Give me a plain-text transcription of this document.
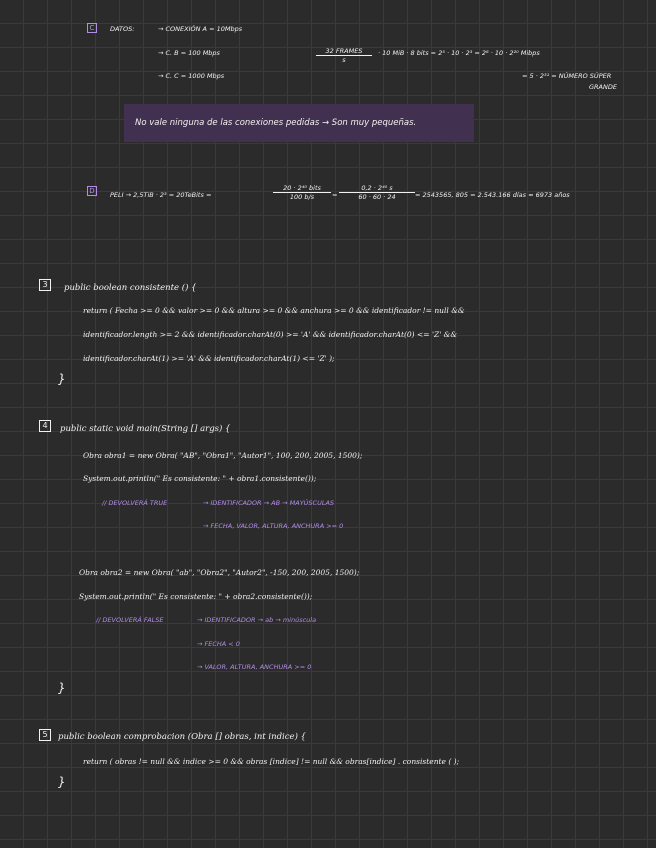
C	DATOS:	→ CONEXIÓN A = 10Mbps
→ C. B = 100 Mbps
→ C. C = 1000 Mbps
32 FRAMES
s
· 10 MiB · 8 bits = 2⁵ · 10 · 2³ = 2⁸ · 10 · 2²⁰ Mibps
= 5 · 2³¹ = NÚMERO SÚPER
GRANDE
No vale ninguna de las conexiones pedidas → Son muy pequeñas.
D	PELI → 2,5TiB · 2³ = 20TeBits =
20 · 2⁴⁰ bits
100 b/s	= $\frac{\text{0,2 · 2⁴⁰ s}}{60 \cdot 60 \cdot 24} = 2543565$, 805 = 2.543.166 días ≈ 6973 años
3	public boolean consistente () {
return ( Fecha >= 0 && valor >= 0 && altura >= 0 && anchura >= 0 && identificador != null &&
identificador.length >= 2 && identificador.charAt(0) >= 'A' && identificador.charAt(0) <= 'Z' &&
identificador.charAt(1) >= 'A' && identificador.charAt(1) <= 'Z' );
}
4	public static void main(String [] args) {
Obra obra1 = new Obra( "AB", "Obra1", "Autor1", 100, 200, 2005, 1500);
System.out.println(" Es consistente: " + obra1.consistente());
// DEVOLVERÁ TRUE	→ IDENTIFICADOR → AB → MAYÚSCULAS
→ FECHA, VALOR, ALTURA, ANCHURA >= 0
Obra obra2 = new Obra( "ab", "Obra2", "Autor2", -150, 200, 2005, 1500);
System.out.println(" Es consistente: " + obra2.consistente());
// DEVOLVERÁ FALSE	→ IDENTIFICADOR → ab → minúscula
→ FECHA < 0
→ VALOR, ALTURA, ANCHURA >= 0
}
5	public boolean comprobacion (Obra [] obras, int indice) {
return ( obras != null && indice >= 0 && obras [indice] != null && obras[indice] . consistente ( );
}
